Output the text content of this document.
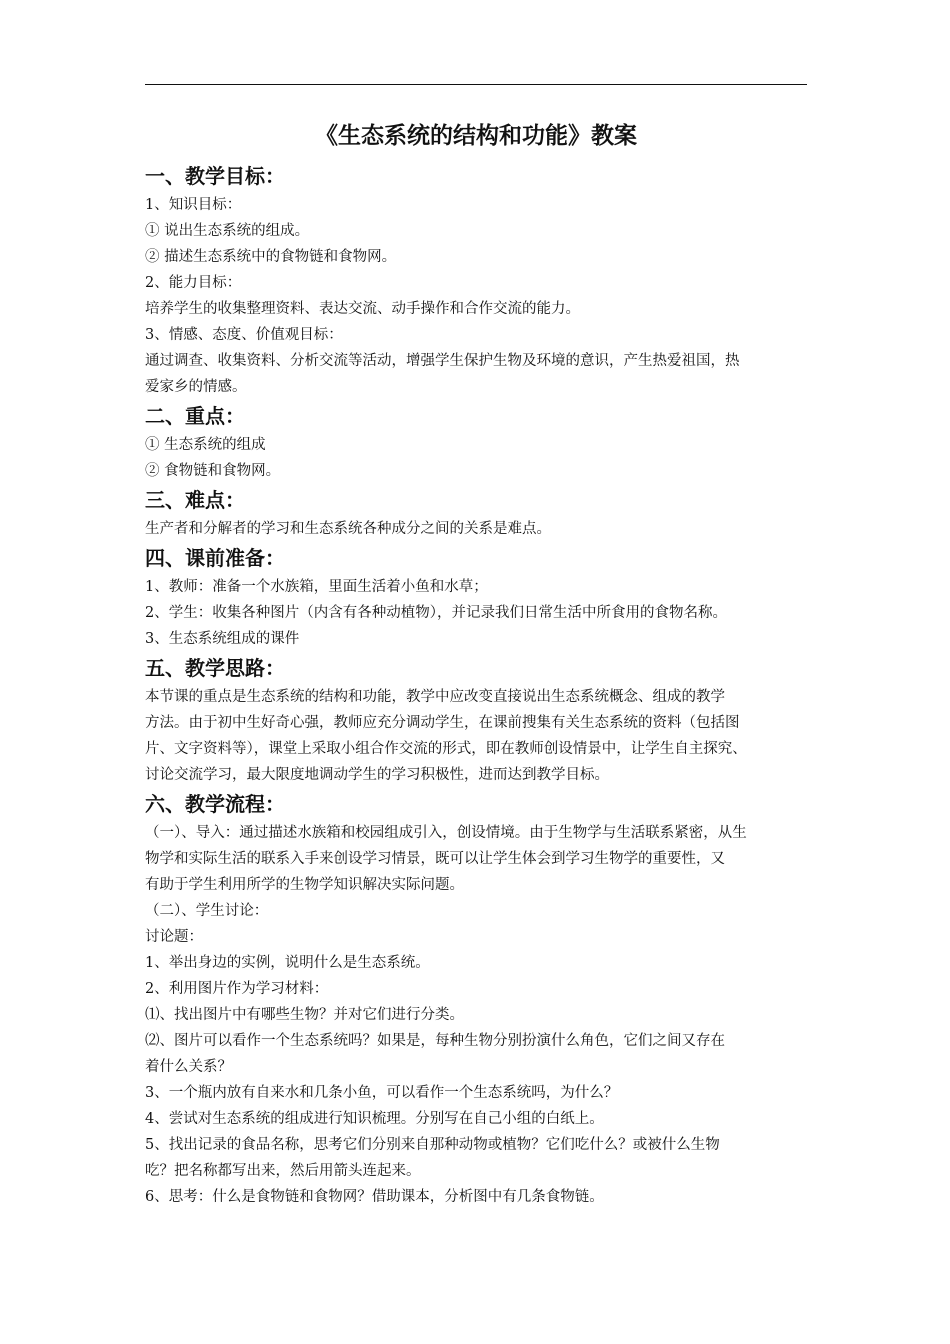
《生态系统的结构和功能》教案
一、教学目标：

1、知识目标：

① 说出生态系统的组成。

② 描述生态系统中的食物链和食物网。

2、能力目标：

培养学生的收集整理资料、表达交流、动手操作和合作交流的能力。

3、情感、态度、价值观目标：

通过调查、收集资料、分析交流等活动，增强学生保护生物及环境的意识，产生热爱祖国，热

爱家乡的情感。

二、重点：

① 生态系统的组成

② 食物链和食物网。

三、难点：

生产者和分解者的学习和生态系统各种成分之间的关系是难点。

四、课前准备：

1、教师：准备一个水族箱，里面生活着小鱼和水草；

2、学生：收集各种图片（内含有各种动植物），并记录我们日常生活中所食用的食物名称。

3、生态系统组成的课件

五、教学思路：

本节课的重点是生态系统的结构和功能，教学中应改变直接说出生态系统概念、组成的教学

方法。由于初中生好奇心强，教师应充分调动学生，在课前搜集有关生态系统的资料（包括图

片、文字资料等），课堂上采取小组合作交流的形式，即在教师创设情景中，让学生自主探究、

讨论交流学习，最大限度地调动学生的学习积极性，进而达到教学目标。

六、教学流程：

（一）、导入：通过描述水族箱和校园组成引入，创设情境。由于生物学与生活联系紧密，从生

物学和实际生活的联系入手来创设学习情景，既可以让学生体会到学习生物学的重要性，又

有助于学生利用所学的生物学知识解决实际问题。

（二）、学生讨论：

讨论题：

1、举出身边的实例，说明什么是生态系统。

2、利用图片作为学习材料：

⑴、找出图片中有哪些生物？并对它们进行分类。

⑵、图片可以看作一个生态系统吗？如果是，每种生物分别扮演什么角色，它们之间又存在

着什么关系？

3、一个瓶内放有自来水和几条小鱼，可以看作一个生态系统吗，为什么？

4、尝试对生态系统的组成进行知识梳理。分别写在自己小组的白纸上。

5、找出记录的食品名称，思考它们分别来自那种动物或植物？它们吃什么？或被什么生物

吃？把名称都写出来，然后用箭头连起来。

6、思考：什么是食物链和食物网？借助课本，分析图中有几条食物链。
